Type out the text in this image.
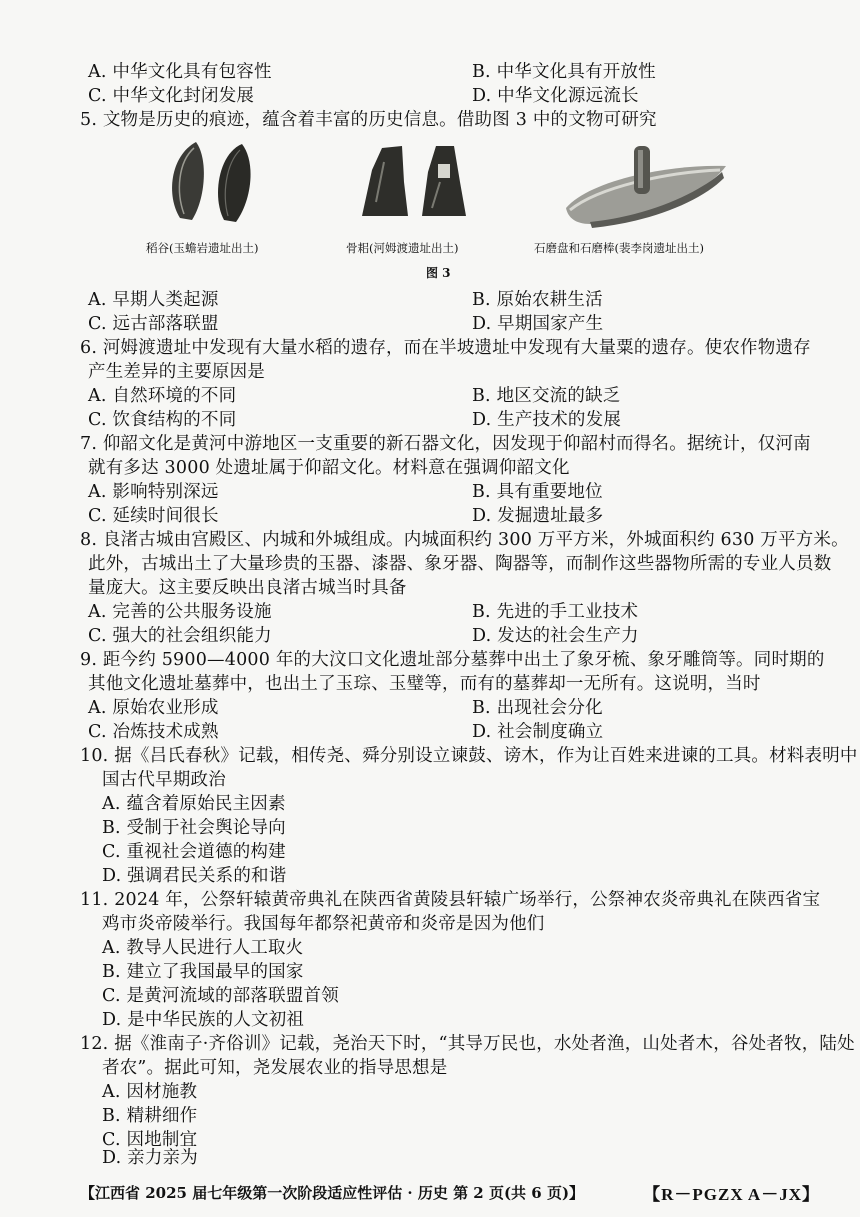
A. 中华文化具有包容性	B. 中华文化具有开放性
C. 中华文化封闭发展	D. 中华文化源远流长
5. 文物是历史的痕迹，蕴含着丰富的历史信息。借助图 3 中的文物可研究
稻谷(玉蟾岩遗址出土)	骨耜(河姆渡遗址出土)	石磨盘和石磨棒(裴李岗遗址出土)
图 3
A. 早期人类起源	B. 原始农耕生活
C. 远古部落联盟	D. 早期国家产生
6. 河姆渡遗址中发现有大量水稻的遗存，而在半坡遗址中发现有大量粟的遗存。使农作物遗存
产生差异的主要原因是
A. 自然环境的不同	B. 地区交流的缺乏
C. 饮食结构的不同	D. 生产技术的发展
7. 仰韶文化是黄河中游地区一支重要的新石器文化，因发现于仰韶村而得名。据统计，仅河南
就有多达 3000 处遗址属于仰韶文化。材料意在强调仰韶文化
A. 影响特别深远	B. 具有重要地位
C. 延续时间很长	D. 发掘遗址最多
8. 良渚古城由宫殿区、内城和外城组成。内城面积约 300 万平方米，外城面积约 630 万平方米。
此外，古城出土了大量珍贵的玉器、漆器、象牙器、陶器等，而制作这些器物所需的专业人员数
量庞大。这主要反映出良渚古城当时具备
A. 完善的公共服务设施	B. 先进的手工业技术
C. 强大的社会组织能力	D. 发达的社会生产力
9. 距今约 5900—4000 年的大汶口文化遗址部分墓葬中出土了象牙梳、象牙雕筒等。同时期的
其他文化遗址墓葬中，也出土了玉琮、玉璧等，而有的墓葬却一无所有。这说明，当时
A. 原始农业形成	B. 出现社会分化
C. 冶炼技术成熟	D. 社会制度确立
10. 据《吕氏春秋》记载，相传尧、舜分别设立谏鼓、谤木，作为让百姓来进谏的工具。材料表明中
国古代早期政治
A. 蕴含着原始民主因素
B. 受制于社会舆论导向
C. 重视社会道德的构建
D. 强调君民关系的和谐
11. 2024 年，公祭轩辕黄帝典礼在陕西省黄陵县轩辕广场举行，公祭神农炎帝典礼在陕西省宝
鸡市炎帝陵举行。我国每年都祭祀黄帝和炎帝是因为他们
A. 教导人民进行人工取火
B. 建立了我国最早的国家
C. 是黄河流域的部落联盟首领
D. 是中华民族的人文初祖
12. 据《淮南子·齐俗训》记载，尧治天下时，“其导万民也，水处者渔，山处者木，谷处者牧，陆处
者农”。据此可知，尧发展农业的指导思想是
A. 因材施教
B. 精耕细作
C. 因地制宜
D. 亲力亲为
【江西省 2025 届七年级第一次阶段适应性评估 · 历史 第 2 页(共 6 页)】	【R－PGZX A－JX】
